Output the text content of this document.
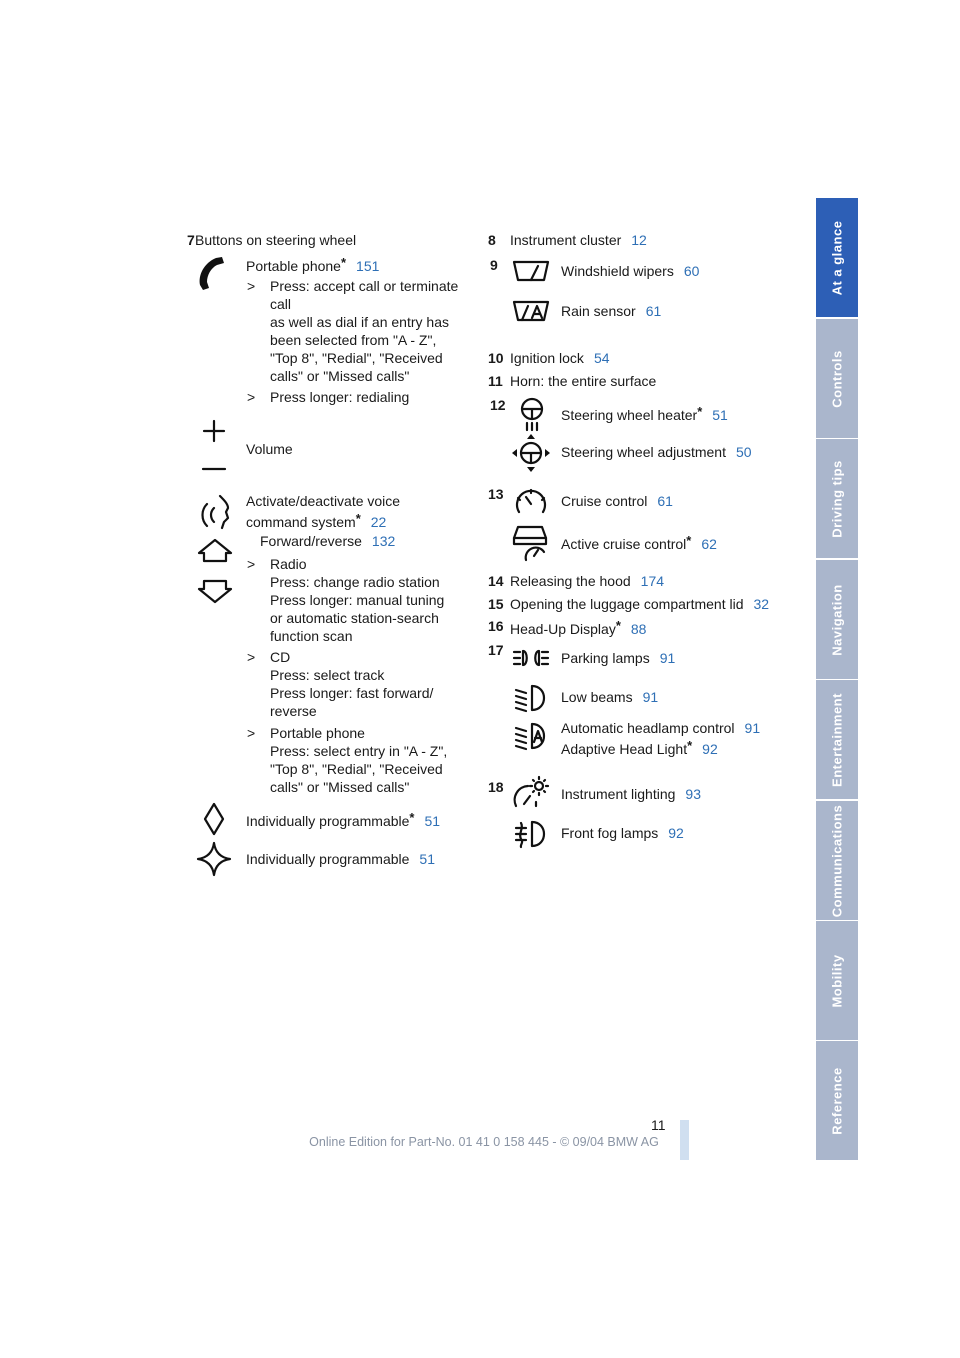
7 Buttons on steering wheel
Portable phone* 151
> Press: accept call or terminate
call
as well as dial if an entry has
been selected from "A - Z",
"Top 8", "Redial", "Received
calls" or "Missed calls"
> Press longer: redialing
Volume
Activate/deactivate voice
command system* 22
Forward/reverse 132
> Radio
Press: change radio station
Press longer: manual tuning
or automatic station-search
function scan
> CD
Press: select track
Press longer: fast forward/
reverse
> Portable phone
Press: select entry in "A - Z",
"Top 8", "Redial", "Received
calls" or "Missed calls"
Individually programmable* 51
Individually programmable 51
8 Instrument cluster 12
9	Windshield wipers 60
Rain sensor 61
10 Ignition lock 54
11 Horn: the entire surface
12
Steering wheel heater* 51
Steering wheel adjustment 50
13	Cruise control 61
Active cruise control* 62
14 Releasing the hood 174
15 Opening the luggage compartment lid 32
16 Head-Up Display* 88
17	Parking lamps 91
Low beams 91
Automatic headlamp control 91
Adaptive Head Light* 92
18	Instrument lighting 93
Front fog lamps 92
At a glance
Controls
Driving tips
Navigation
Entertainment
Communications
Mobility
Reference
11
Online Edition for Part-No. 01 41 0 158 445 - © 09/04 BMW AG
